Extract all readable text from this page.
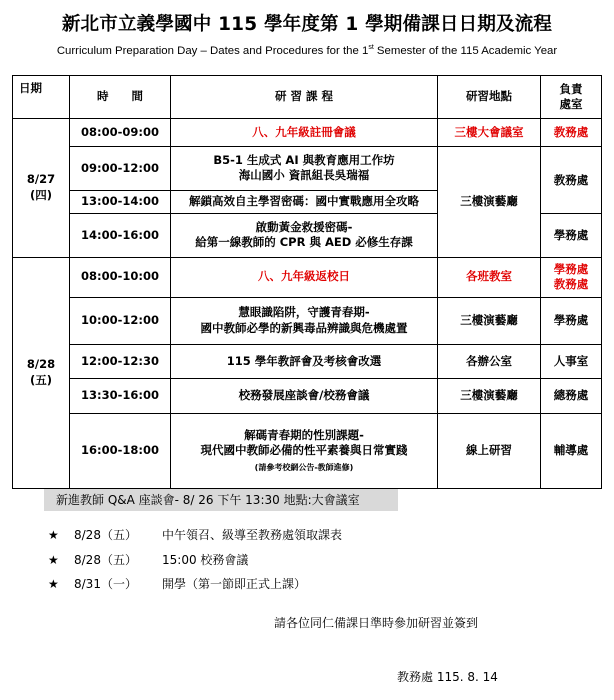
新北市立義學國中 115 學年度第 1 學期備課日日期及流程
Curriculum Preparation Day – Dates and Procedures for the 1st Semester of the 115 Academic Year
日期	時　　間	研 習 課 程	研習地點	負責
處室
8/27
(四)	08:00-09:00	八、九年級註冊會議	三樓大會議室	教務處
	09:00-12:00	B5-1 生成式 AI 與教育應用工作坊
海山國小 資訊組長吳瑞福	三樓演藝廳	教務處
	13:00-14:00	解鎖高效自主學習密碼：國中實戰應用全攻略		
	14:00-16:00	啟動黃金救援密碼-
給第一線教師的 CPR 與 AED 必修生存課		學務處
8/28
(五)	08:00-10:00	八、九年級返校日	各班教室	學務處
教務處
	10:00-12:00	慧眼識陷阱，守護青春期-
國中教師必學的新興毒品辨識與危機處置	三樓演藝廳	學務處
	12:00-12:30	115 學年教評會及考核會改選	各辦公室	人事室
	13:30-16:00	校務發展座談會/校務會議	三樓演藝廳	總務處
	16:00-18:00	解碼青春期的性別課題-
現代國中教師必備的性平素養與日常實踐
(請參考校網公告-教師進修)	線上研習	輔導處
新進教師 Q&A 座談會- 8/ 26 下午 13:30 地點:大會議室
★ 8/28（五） 中午領召、級導至教務處領取課表
★ 8/28（五） 15:00 校務會議
★ 8/31（一） 開學（第一節即正式上課）
請各位同仁備課日準時參加研習並簽到
教務處 115. 8. 14
